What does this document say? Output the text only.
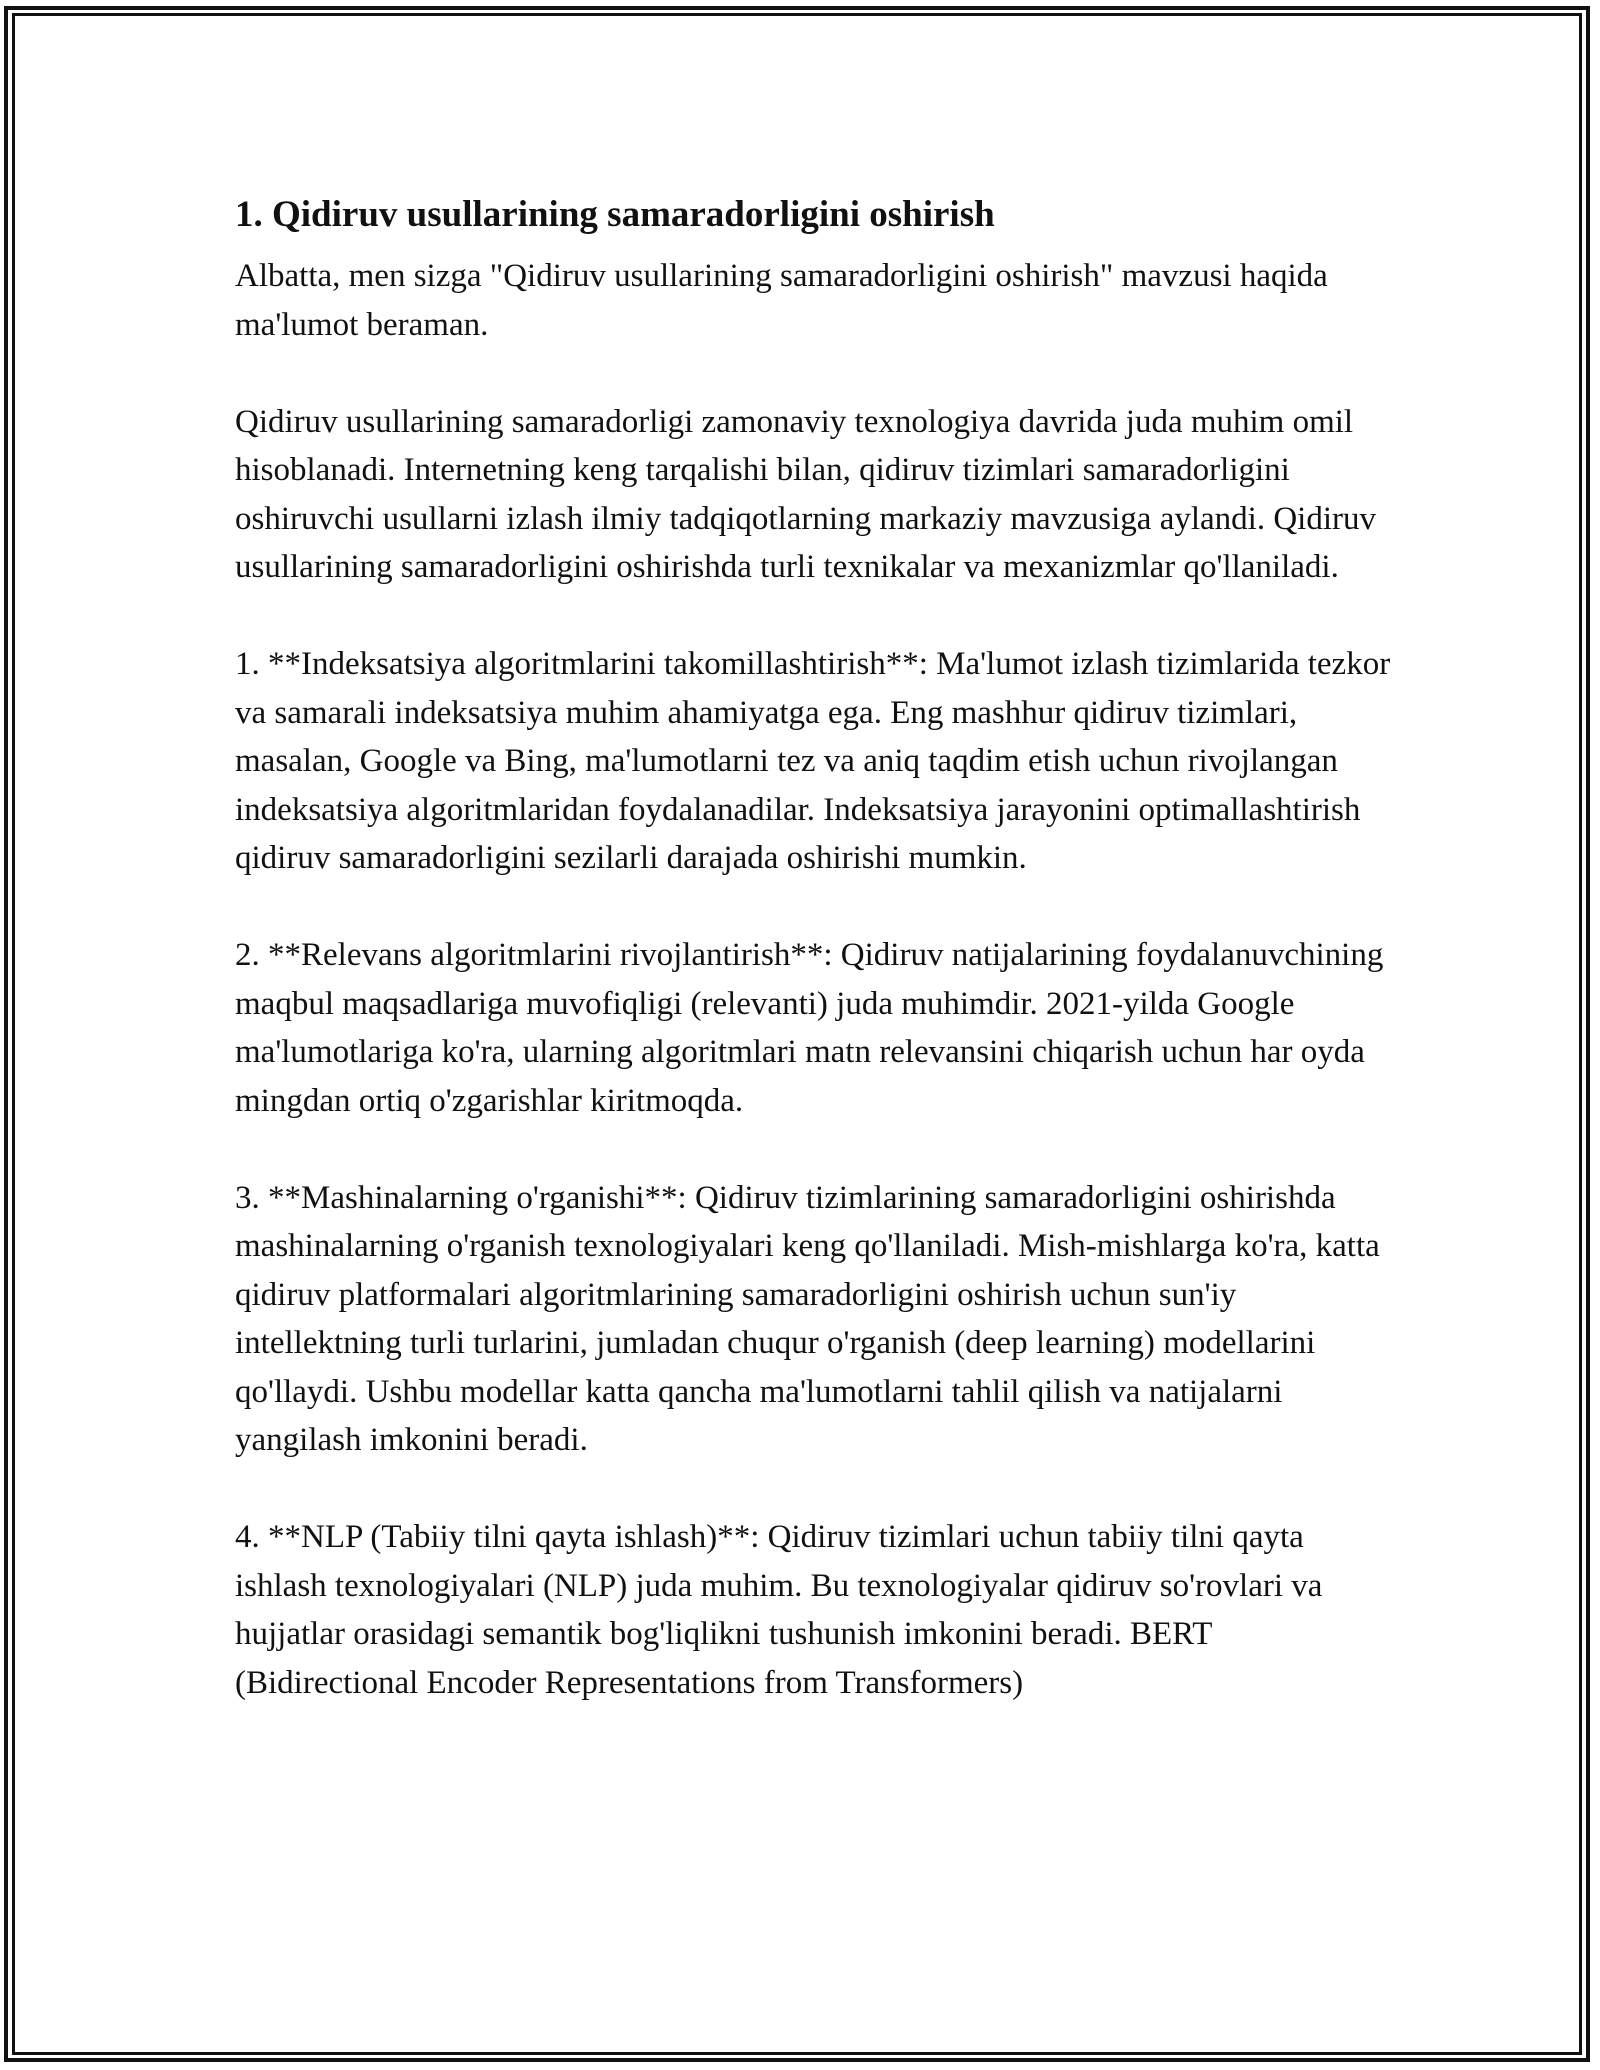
1. Qidiruv usullarining samaradorligini oshirish

Albatta, men sizga "Qidiruv usullarining samaradorligini oshirish" mavzusi haqida ma'lumot beraman.

Qidiruv usullarining samaradorligi zamonaviy texnologiya davrida juda muhim omil hisoblanadi. Internetning keng tarqalishi bilan, qidiruv tizimlari samaradorligini oshiruvchi usullarni izlash ilmiy tadqiqotlarning markaziy mavzusiga aylandi. Qidiruv usullarining samaradorligini oshirishda turli texnikalar va mexanizmlar qo'llaniladi.

1. **Indeksatsiya algoritmlarini takomillashtirish**: Ma'lumot izlash tizimlarida tezkor va samarali indeksatsiya muhim ahamiyatga ega. Eng mashhur qidiruv tizimlari, masalan, Google va Bing, ma'lumotlarni tez va aniq taqdim etish uchun rivojlangan indeksatsiya algoritmlaridan foydalanadilar. Indeksatsiya jarayonini optimallashtirish qidiruv samaradorligini sezilarli darajada oshirishi mumkin.

2. **Relevans algoritmlarini rivojlantirish**: Qidiruv natijalarining foydalanuvchining maqbul maqsadlariga muvofiqligi (relevanti) juda muhimdir. 2021-yilda Google ma'lumotlariga ko'ra, ularning algoritmlari matn relevansini chiqarish uchun har oyda mingdan ortiq o'zgarishlar kiritmoqda.

3. **Mashinalarning o'rganishi**: Qidiruv tizimlarining samaradorligini oshirishda mashinalarning o'rganish texnologiyalari keng qo'llaniladi. Mish-mishlarga ko'ra, katta qidiruv platformalari algoritmlarining samaradorligini oshirish uchun sun'iy intellektning turli turlarini, jumladan chuqur o'rganish (deep learning) modellarini qo'llaydi. Ushbu modellar katta qancha ma'lumotlarni tahlil qilish va natijalarni yangilash imkonini beradi.

4. **NLP (Tabiiy tilni qayta ishlash)**: Qidiruv tizimlari uchun tabiiy tilni qayta ishlash texnologiyalari (NLP) juda muhim. Bu texnologiyalar qidiruv so'rovlari va hujjatlar orasidagi semantik bog'liqlikni tushunish imkonini beradi. BERT (Bidirectional Encoder Representations from Transformers)
